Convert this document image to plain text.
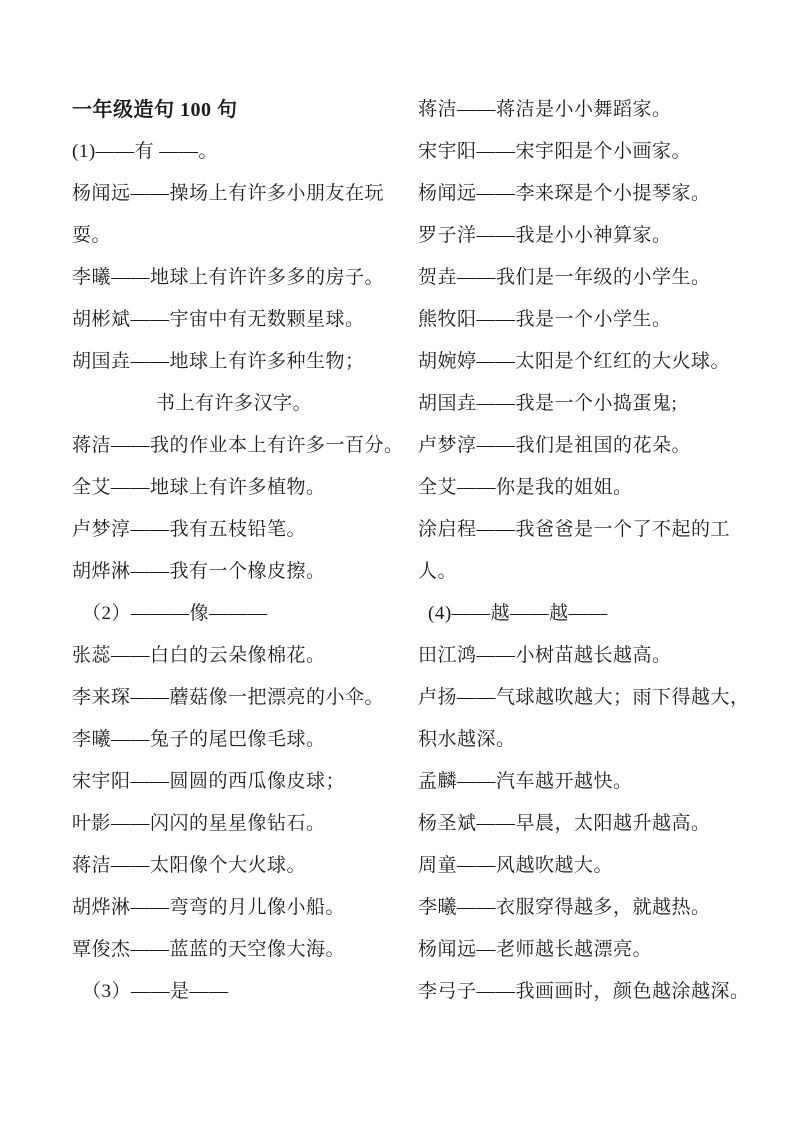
一年级造句 100 句

(1)——有 ——。

杨闻远——操场上有许多小朋友在玩

耍。

李曦——地球上有许许多多的房子。

胡彬斌——宇宙中有无数颗星球。

胡国垚——地球上有许多种生物；

书上有许多汉字。

蒋洁——我的作业本上有许多一百分。

全艾——地球上有许多植物。

卢梦淳——我有五枝铅笔。

胡烨淋——我有一个橡皮擦。

（2）———像———

张蕊——白白的云朵像棉花。

李来琛——蘑菇像一把漂亮的小伞。

李曦——兔子的尾巴像毛球。

宋宇阳——圆圆的西瓜像皮球；

叶影——闪闪的星星像钻石。

蒋洁——太阳像个大火球。

胡烨淋——弯弯的月儿像小船。

覃俊杰——蓝蓝的天空像大海。

（3）——是——

蒋洁——蒋洁是小小舞蹈家。

宋宇阳——宋宇阳是个小画家。

杨闻远——李来琛是个小提琴家。

罗子洋——我是小小神算家。

贺垚——我们是一年级的小学生。

熊牧阳——我是一个小学生。

胡婉婷——太阳是个红红的大火球。

胡国垚——我是一个小捣蛋鬼;

卢梦淳——我们是祖国的花朵。

全艾——你是我的姐姐。

涂启程——我爸爸是一个了不起的工

人。

(4)——越——越——

田江鸿——小树苗越长越高。

卢扬——气球越吹越大；雨下得越大，

积水越深。

孟麟——汽车越开越快。

杨圣斌——早晨，太阳越升越高。

周童——风越吹越大。

李曦——衣服穿得越多，就越热。

杨闻远—老师越长越漂亮。

李弓子——我画画时，颜色越涂越深。
